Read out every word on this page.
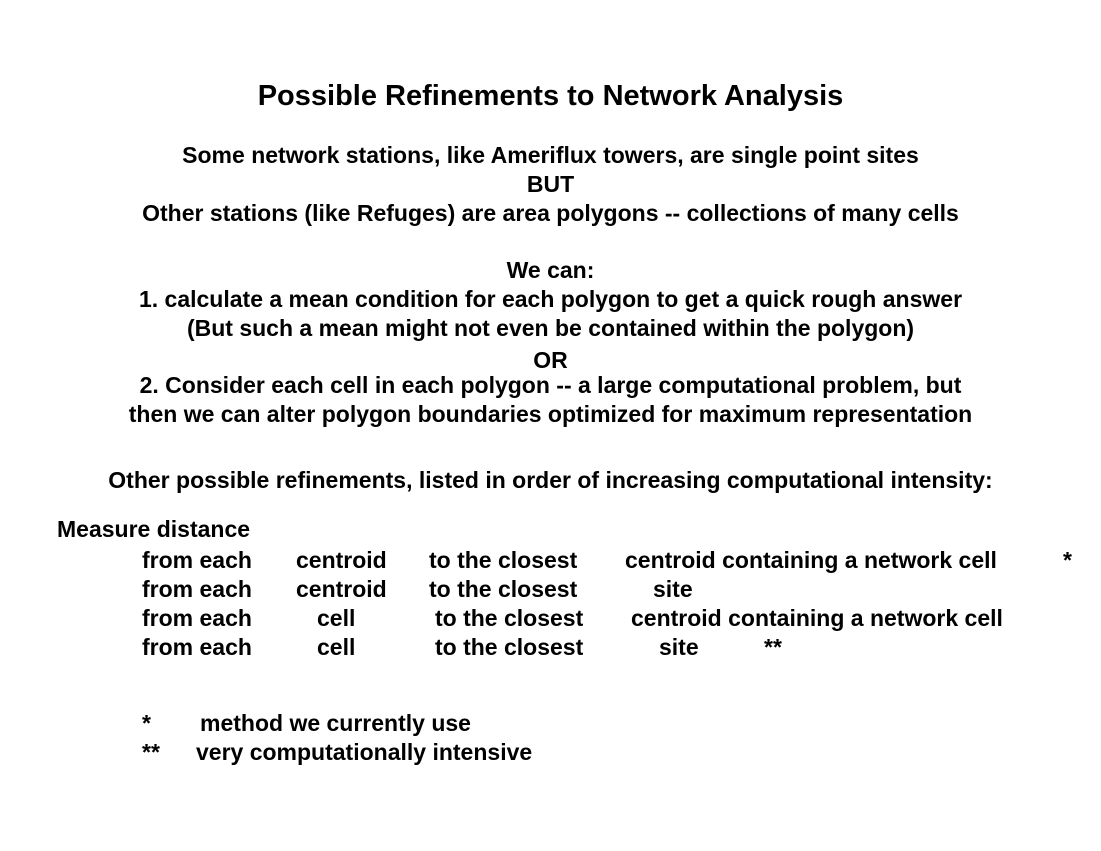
Possible Refinements to Network Analysis
Some network stations, like Ameriflux towers, are single point sites
BUT
Other stations (like Refuges) are area polygons -- collections of many cells
We can:
1. calculate a mean condition for each polygon to get a quick rough answer
(But such a mean might not even be contained within the polygon)
OR
2. Consider each cell in each polygon -- a large computational problem, but
then we can alter polygon boundaries optimized for maximum representation
Other possible refinements, listed in order of increasing computational intensity:
Measure distance
from each centroid to the closest centroid containing a network cell	*
from each centroid to the closest	site
from each	cell	to the closest centroid containing a network cell
from each	cell	to the closest	site	**
* method we currently use
** very computationally intensive
